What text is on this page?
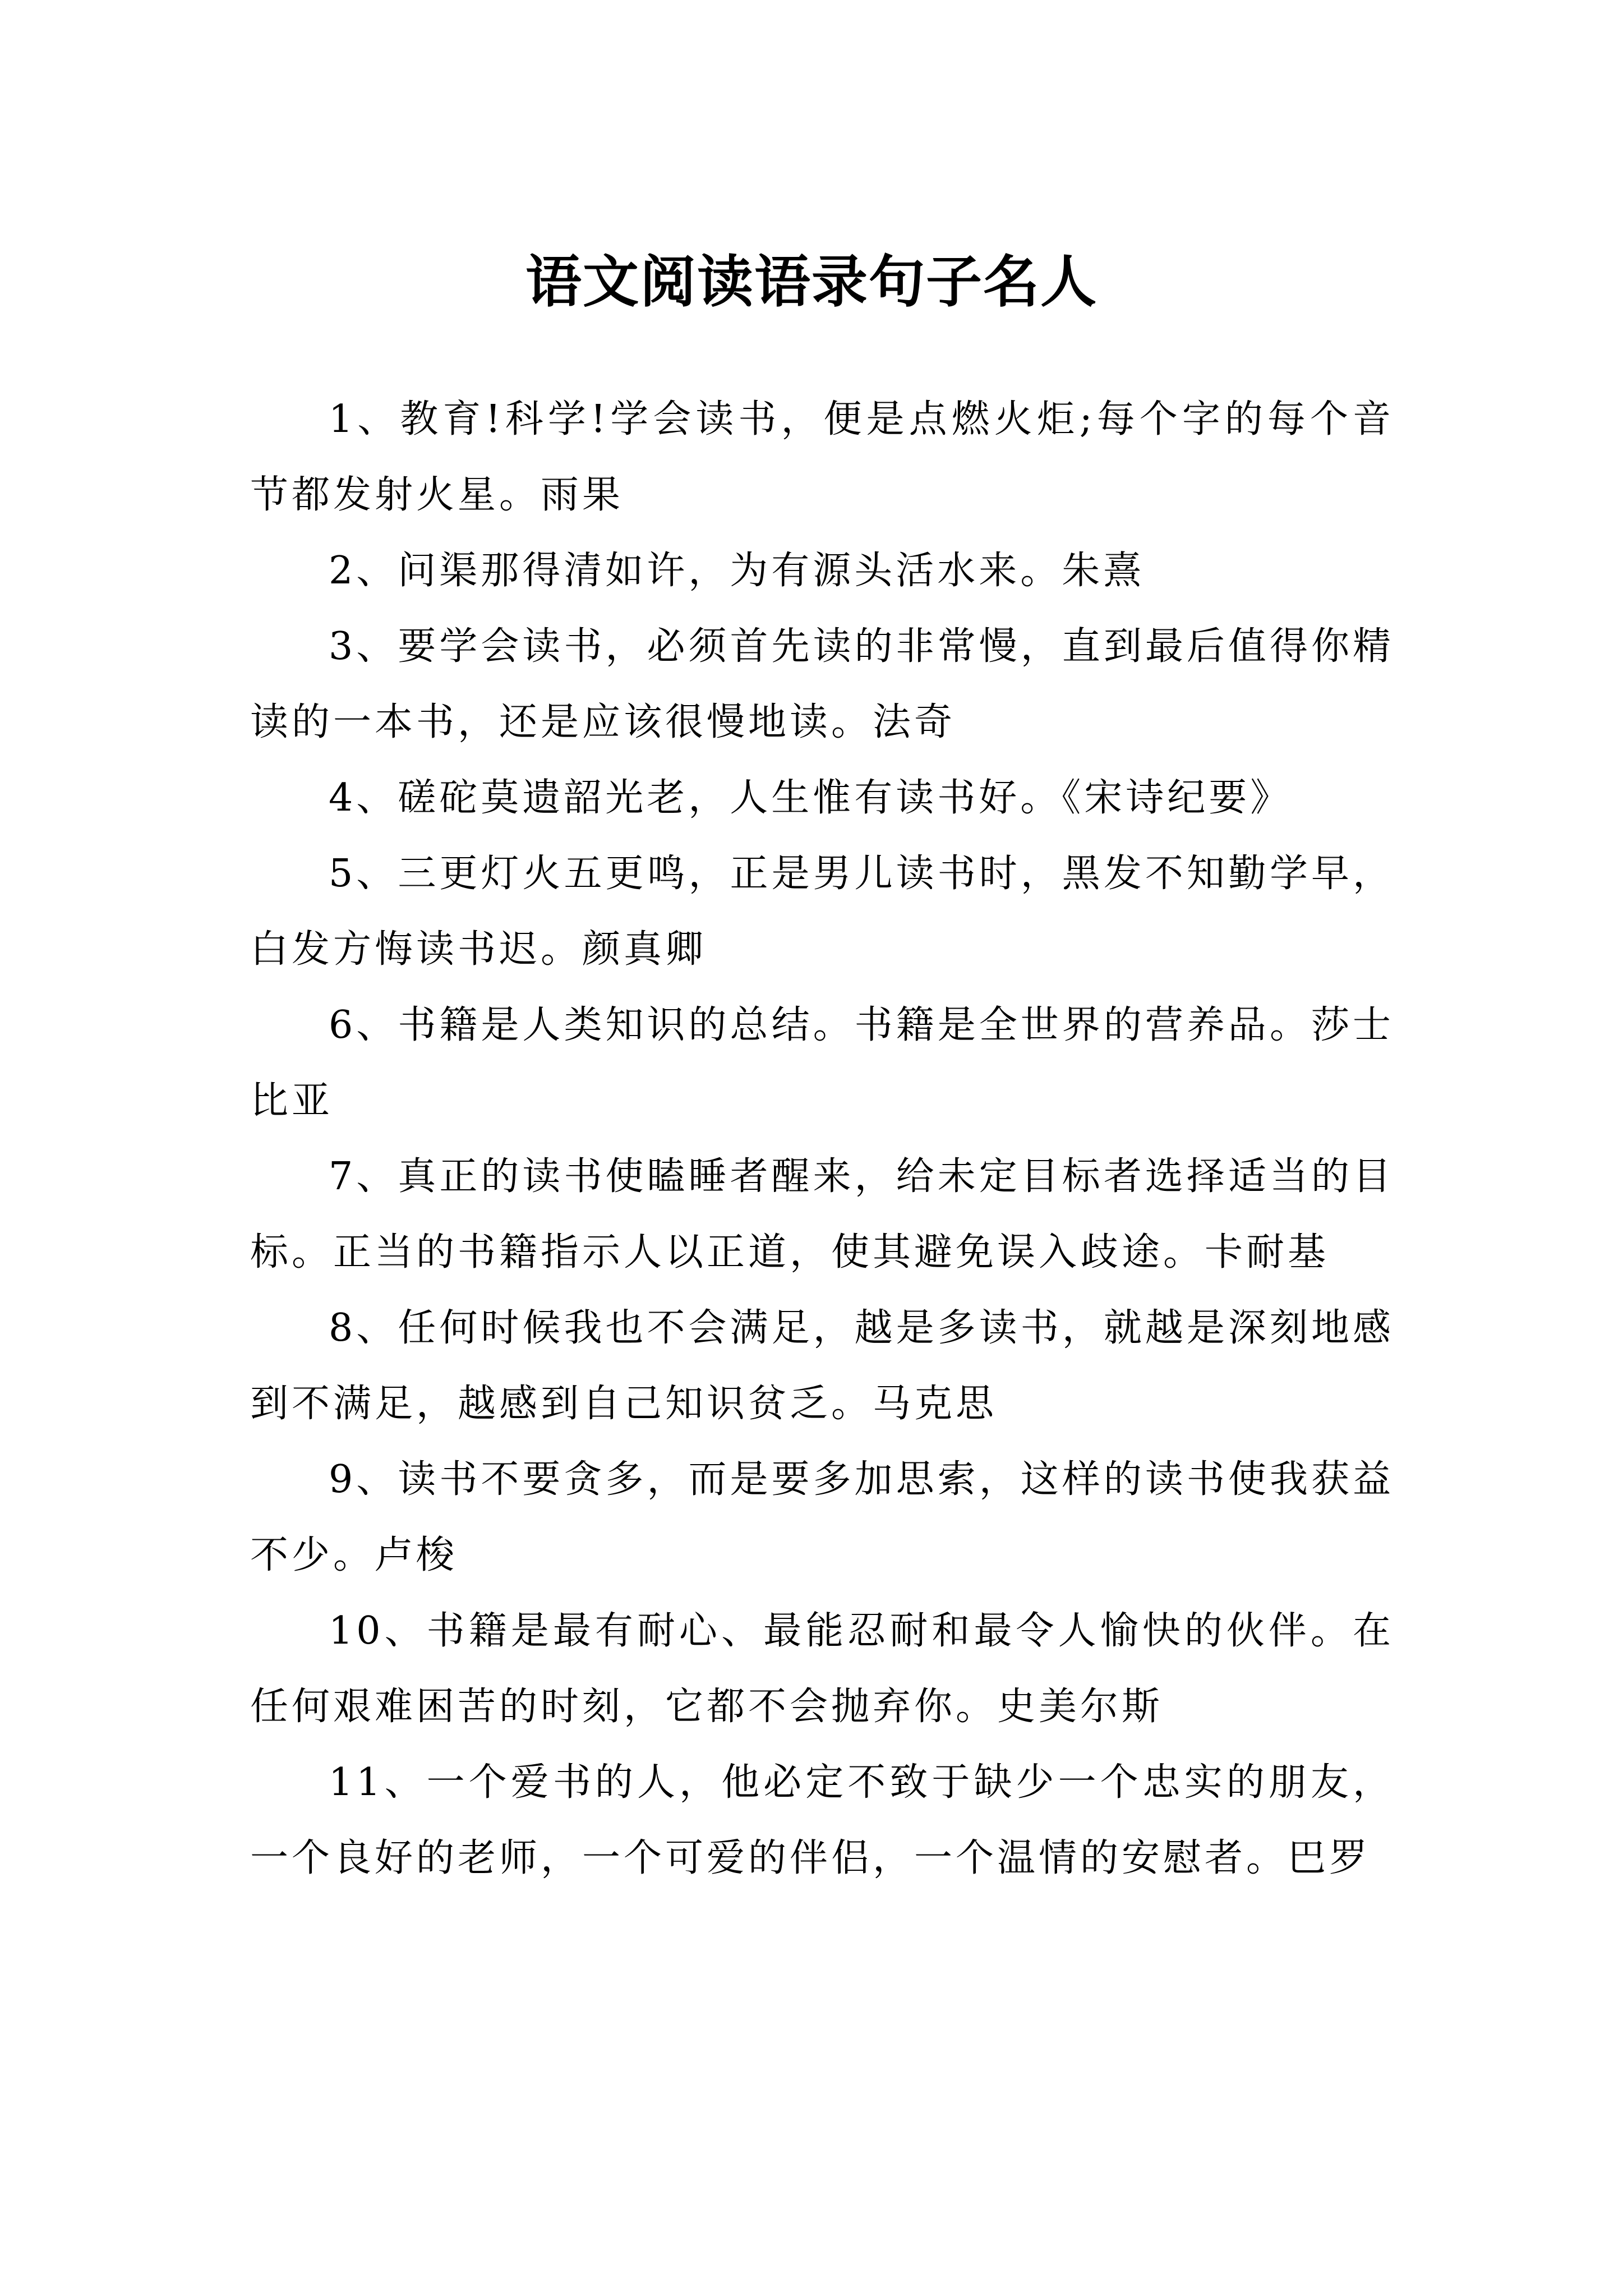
语文阅读语录句子名人

1、教育!科学!学会读书，便是点燃火炬;每个字的每个音节都发射火星。雨果

2、问渠那得清如许，为有源头活水来。朱熹

3、要学会读书，必须首先读的非常慢，直到最后值得你精读的一本书，还是应该很慢地读。法奇

4、磋砣莫遗韶光老，人生惟有读书好。《宋诗纪要》

5、三更灯火五更鸣，正是男儿读书时，黑发不知勤学早，白发方悔读书迟。颜真卿

6、书籍是人类知识的总结。书籍是全世界的营养品。莎士比亚

7、真正的读书使瞌睡者醒来，给未定目标者选择适当的目标。正当的书籍指示人以正道，使其避免误入歧途。卡耐基

8、任何时候我也不会满足，越是多读书，就越是深刻地感到不满足，越感到自己知识贫乏。马克思

9、读书不要贪多，而是要多加思索，这样的读书使我获益不少。卢梭

10、书籍是最有耐心、最能忍耐和最令人愉快的伙伴。在任何艰难困苦的时刻，它都不会抛弃你。史美尔斯

11、一个爱书的人，他必定不致于缺少一个忠实的朋友，一个良好的老师，一个可爱的伴侣，一个温情的安慰者。巴罗
